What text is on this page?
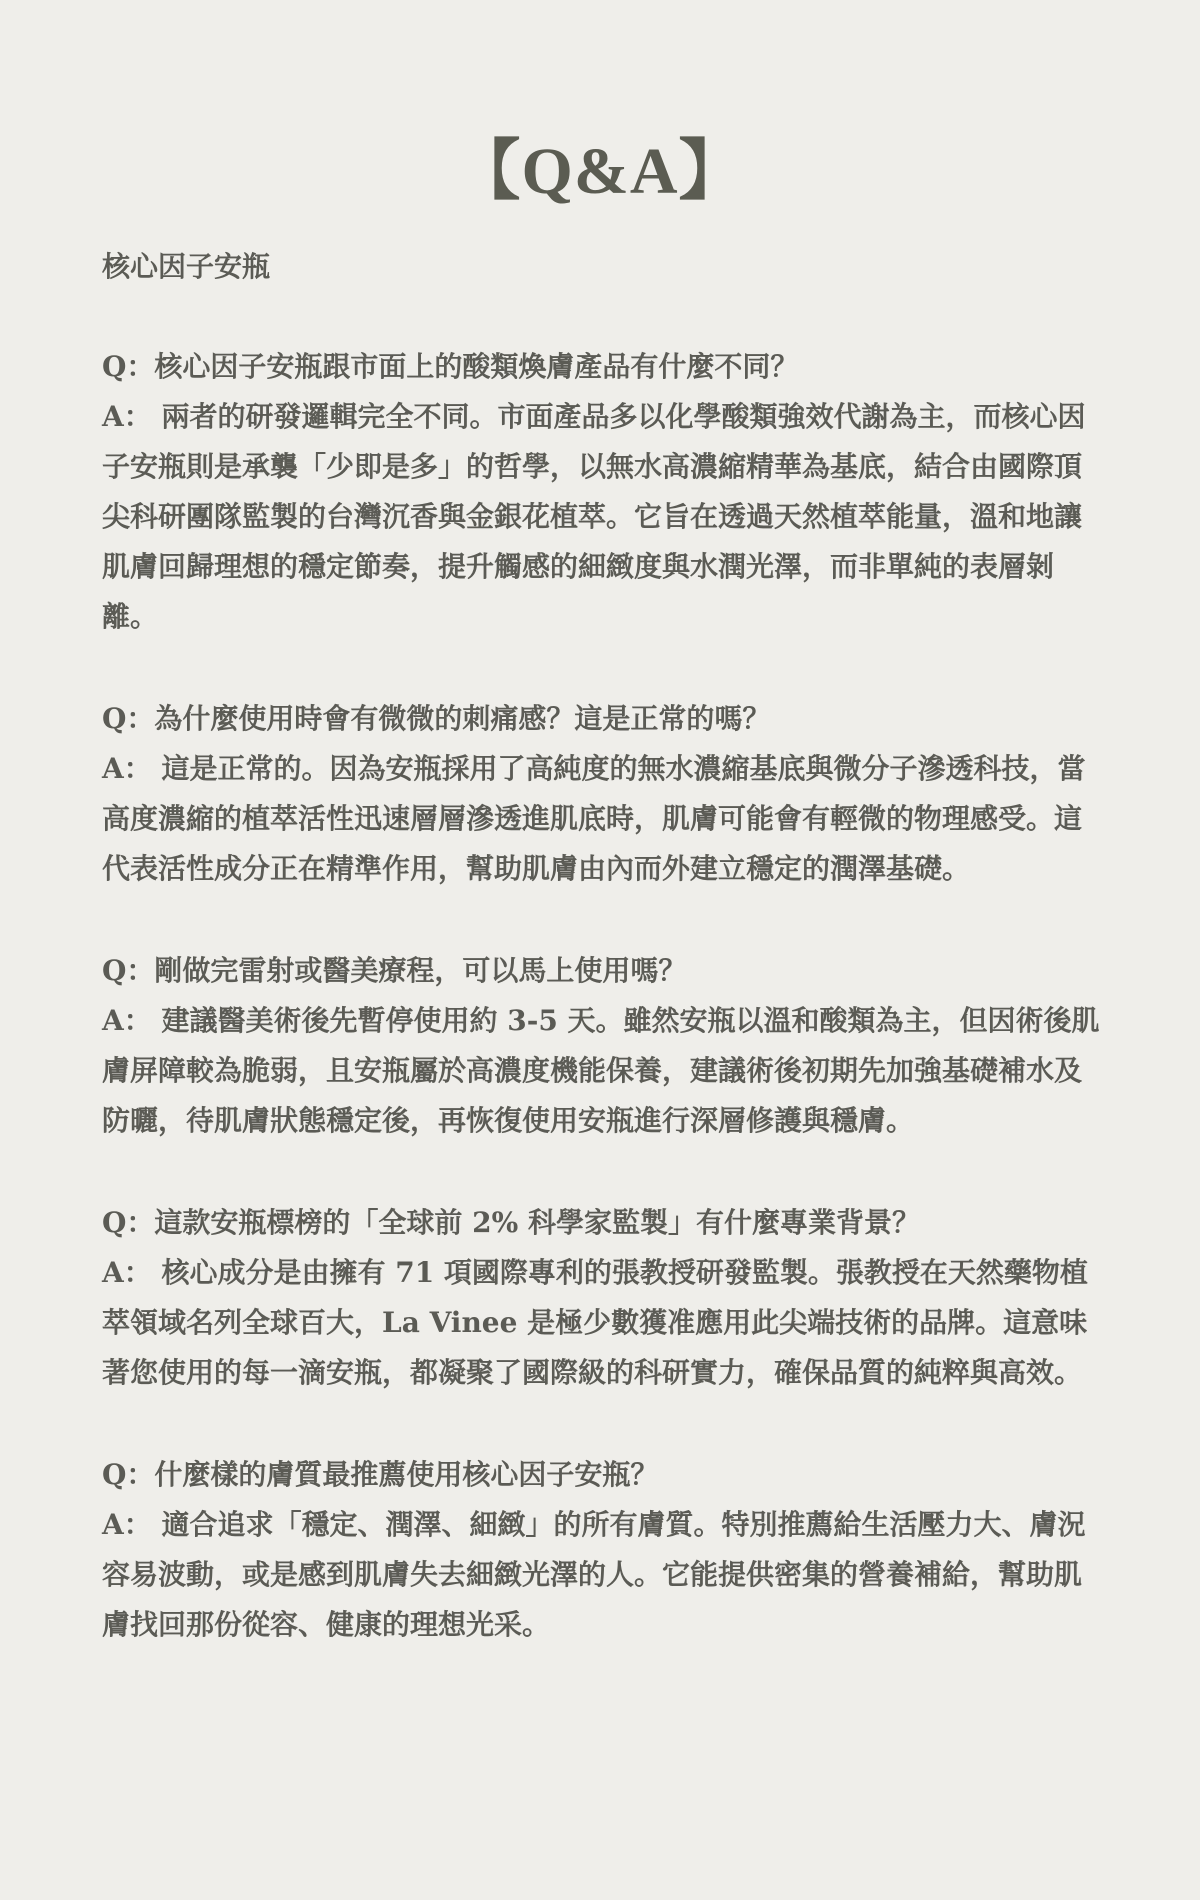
【Q&A】
核心因子安瓶

Q：核心因子安瓶跟市面上的酸類煥膚產品有什麼不同？

A： 兩者的研發邏輯完全不同。市面產品多以化學酸類強效代謝為主，而核心因子安瓶則是承襲「少即是多」的哲學，以無水高濃縮精華為基底，結合由國際頂尖科研團隊監製的台灣沉香與金銀花植萃。它旨在透過天然植萃能量，溫和地讓肌膚回歸理想的穩定節奏，提升觸感的細緻度與水潤光澤，而非單純的表層剝離。

Q：為什麼使用時會有微微的刺痛感？這是正常的嗎？

A： 這是正常的。因為安瓶採用了高純度的無水濃縮基底與微分子滲透科技，當高度濃縮的植萃活性迅速層層滲透進肌底時，肌膚可能會有輕微的物理感受。這代表活性成分正在精準作用，幫助肌膚由內而外建立穩定的潤澤基礎。

Q：剛做完雷射或醫美療程，可以馬上使用嗎？

A： 建議醫美術後先暫停使用約 3-5 天。雖然安瓶以溫和酸類為主，但因術後肌膚屏障較為脆弱，且安瓶屬於高濃度機能保養，建議術後初期先加強基礎補水及防曬，待肌膚狀態穩定後，再恢復使用安瓶進行深層修護與穩膚。

Q：這款安瓶標榜的「全球前 2% 科學家監製」有什麼專業背景？

A： 核心成分是由擁有 71 項國際專利的張教授研發監製。張教授在天然藥物植萃領域名列全球百大，La Vinee 是極少數獲准應用此尖端技術的品牌。這意味著您使用的每一滴安瓶，都凝聚了國際級的科研實力，確保品質的純粹與高效。

Q：什麼樣的膚質最推薦使用核心因子安瓶？

A： 適合追求「穩定、潤澤、細緻」的所有膚質。特別推薦給生活壓力大、膚況容易波動，或是感到肌膚失去細緻光澤的人。它能提供密集的營養補給，幫助肌膚找回那份從容、健康的理想光采。
